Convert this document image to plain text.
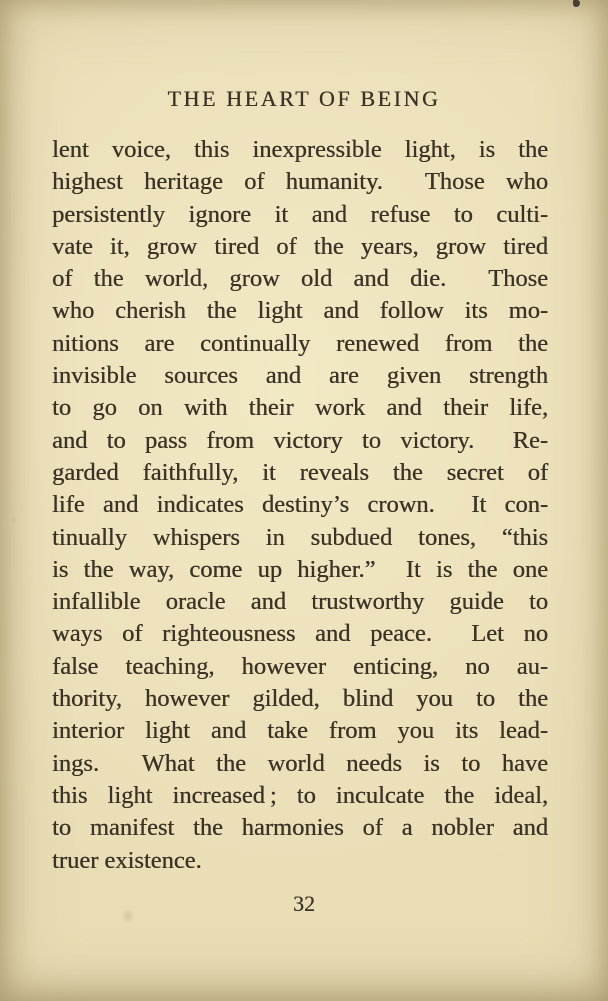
THE HEART OF BEING
lent voice, this inexpressible light, is the
highest heritage of humanity.  Those who
persistently ignore it and refuse to culti-
vate it, grow tired of the years, grow tired
of the world, grow old and die.  Those
who cherish the light and follow its mo-
nitions are continually renewed from the
invisible sources and are given strength
to go on with their work and their life,
and to pass from victory to victory.  Re-
garded faithfully, it reveals the secret of
life and indicates destiny’s crown.  It con-
tinually whispers in subdued tones, “this
is the way, come up higher.”  It is the one
infallible oracle and trustworthy guide to
ways of righteousness and peace.  Let no
false teaching, however enticing, no au-
thority, however gilded, blind you to the
interior light and take from you its lead-
ings.  What the world needs is to have
this light increased ; to inculcate the ideal,
to manifest the harmonies of a nobler and
truer existence.
32
